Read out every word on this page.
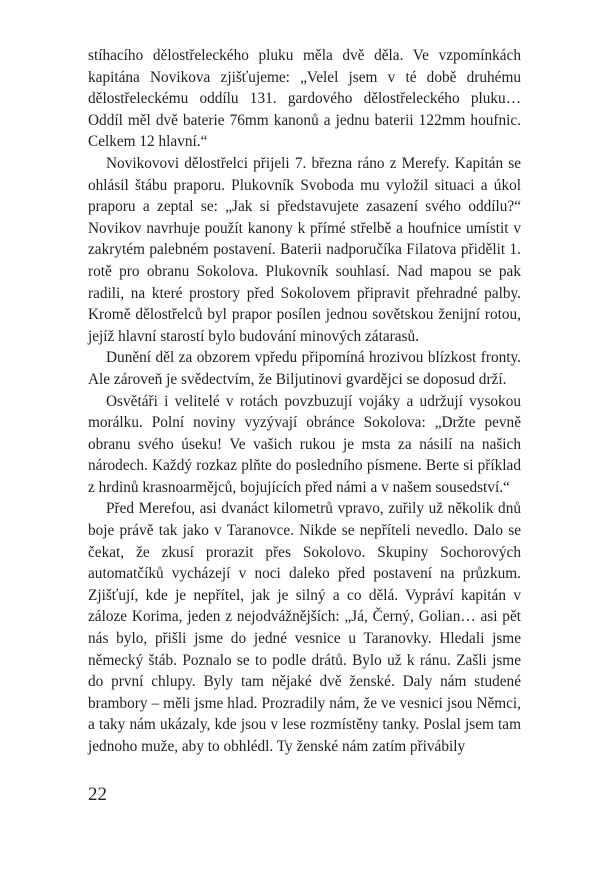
stíhacího dělostřeleckého pluku měla dvě děla. Ve vzpomínkách kapitána Novikova zjišťujeme: „Velel jsem v té době druhému dělostřeleckému oddílu 131. gardového dělostřeleckého pluku… Oddíl měl dvě baterie 76mm kanonů a jednu baterii 122mm houfnic. Celkem 12 hlavní.“

Novikovovi dělostřelci přijeli 7. března ráno z Merefy. Kapitán se ohlásil štábu praporu. Plukovník Svoboda mu vyložil situaci a úkol praporu a zeptal se: „Jak si představujete zasazení svého oddílu?“ Novikov navrhuje použít kanony k přímé střelbě a houfnice umístit v zakrytém palebném postavení. Baterii nadporučíka Filatova přidělit 1. rotě pro obranu Sokolova. Plukovník souhlasí. Nad mapou se pak radili, na které prostory před Sokolovem připravit přehradné palby. Kromě dělostřelců byl prapor posílen jednou sovětskou ženijní rotou, jejíž hlavní starostí bylo budování minových zátarasů.

Dunění děl za obzorem vpředu připomíná hrozivou blízkost fronty. Ale zároveň je svědectvím, že Biljutinovi gvardějci se doposud drží.

Osvětáři i velitelé v rotách povzbuzují vojáky a udržují vysokou morálku. Polní noviny vyzývají obránce Sokolova: „Držte pevně obranu svého úseku! Ve vašich rukou je msta za násilí na našich národech. Každý rozkaz plňte do posledního písmene. Berte si příklad z hrdinů krasnoarmějců, bojujících před námi a v našem sousedství.“

Před Merefou, asi dvanáct kilometrů vpravo, zuřily už několik dnů boje právě tak jako v Taranovce. Nikde se nepříteli nevedlo. Dalo se čekat, že zkusí prorazit přes Sokolovo. Skupiny Sochorových automatčíků vycházejí v noci daleko před postavení na průzkum. Zjišťují, kde je nepřítel, jak je silný a co dělá. Vypráví kapitán v záloze Korima, jeden z nejodvážnějších: „Já, Černý, Golian… asi pět nás bylo, přišli jsme do jedné vesnice u Taranovky. Hledali jsme německý štáb. Poznalo se to podle drátů. Bylo už k ránu. Zašli jsme do první chlupy. Byly tam nějaké dvě ženské. Daly nám studené brambory – měli jsme hlad. Prozradily nám, že ve vesnici jsou Němci, a taky nám ukázaly, kde jsou v lese rozmístěny tanky. Poslal jsem tam jednoho muže, aby to obhlédl. Ty ženské nám zatím přivábily

22
